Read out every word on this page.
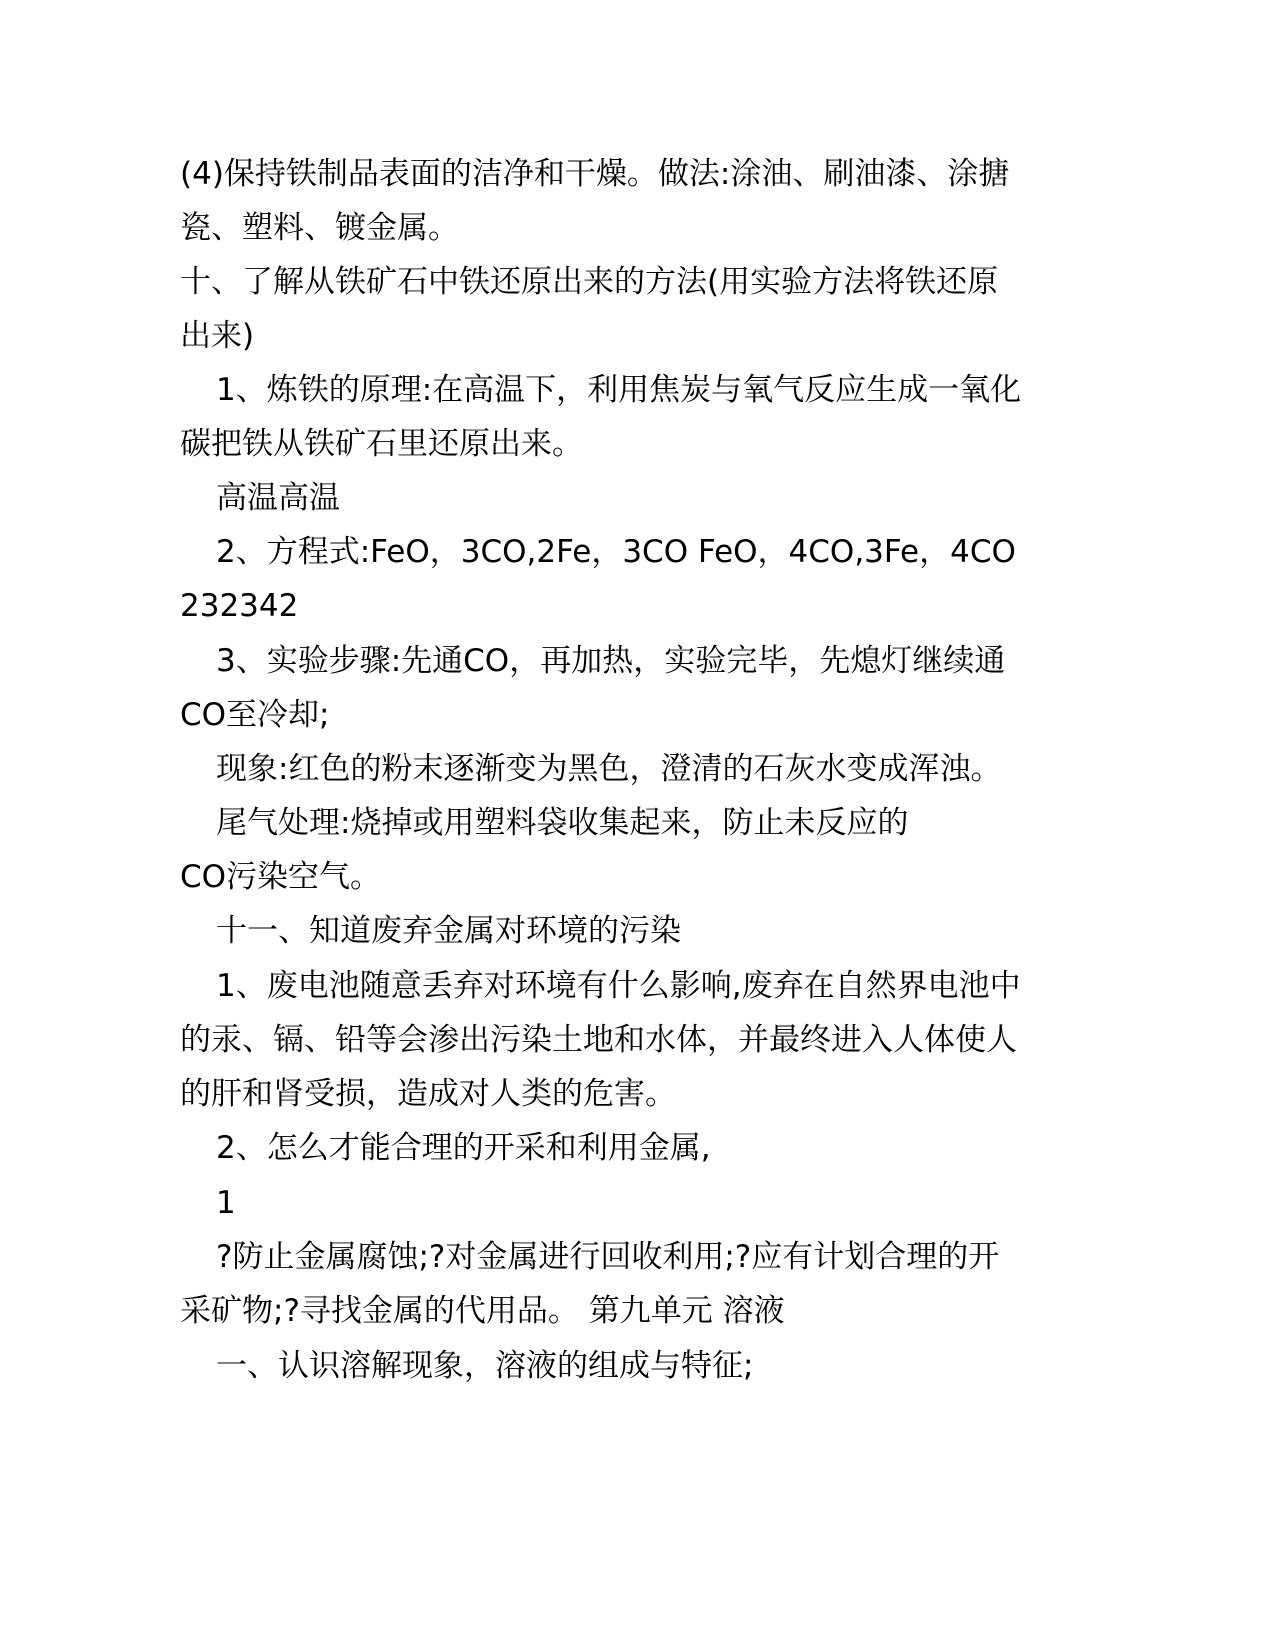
(4)保持铁制品表面的洁净和干燥。做法:涂油、刷油漆、涂搪
瓷、塑料、镀金属。
十、了解从铁矿石中铁还原出来的方法(用实验方法将铁还原
出来)
1、炼铁的原理:在高温下，利用焦炭与氧气反应生成一氧化
碳把铁从铁矿石里还原出来。
高温高温
2、方程式:FeO，3CO,2Fe，3CO FeO，4CO,3Fe，4CO
232342
3、实验步骤:先通CO，再加热，实验完毕，先熄灯继续通
CO至冷却;
现象:红色的粉末逐渐变为黑色，澄清的石灰水变成浑浊。
尾气处理:烧掉或用塑料袋收集起来，防止未反应的
CO污染空气。
十一、知道废弃金属对环境的污染
1、废电池随意丢弃对环境有什么影响,废弃在自然界电池中
的汞、镉、铅等会渗出污染土地和水体，并最终进入人体使人
的肝和肾受损，造成对人类的危害。
2、怎么才能合理的开采和利用金属,
1
?防止金属腐蚀;?对金属进行回收利用;?应有计划合理的开
采矿物;?寻找金属的代用品。 第九单元 溶液
一、认识溶解现象，溶液的组成与特征;
